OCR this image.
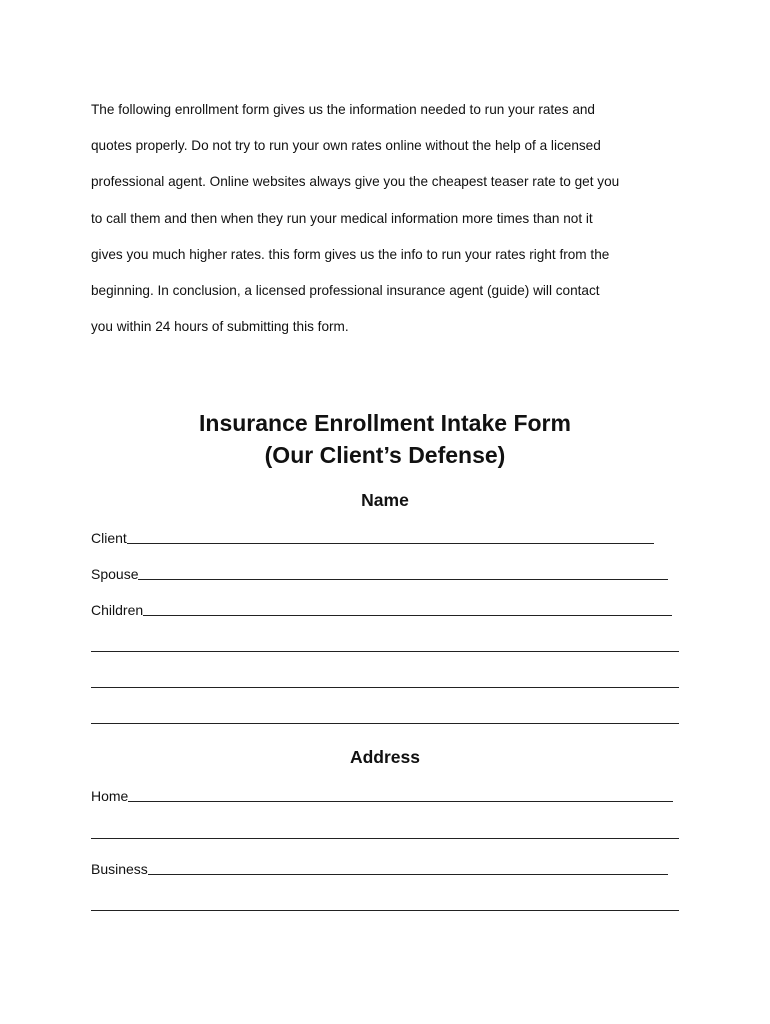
The following enrollment form gives us the information needed to run your rates and
quotes properly. Do not try to run your own rates online without the help of a licensed
professional agent. Online websites always give you the cheapest teaser rate to get you
to call them and then when they run your medical information more times than not it
gives you much higher rates. this form gives us the info to run your rates right from the
beginning. In conclusion, a licensed professional insurance agent (guide) will contact
you within 24 hours of submitting this form.

Insurance Enrollment Intake Form
(Our Client’s Defense)
Name
Client
Spouse
Children
Address
Home
Business
